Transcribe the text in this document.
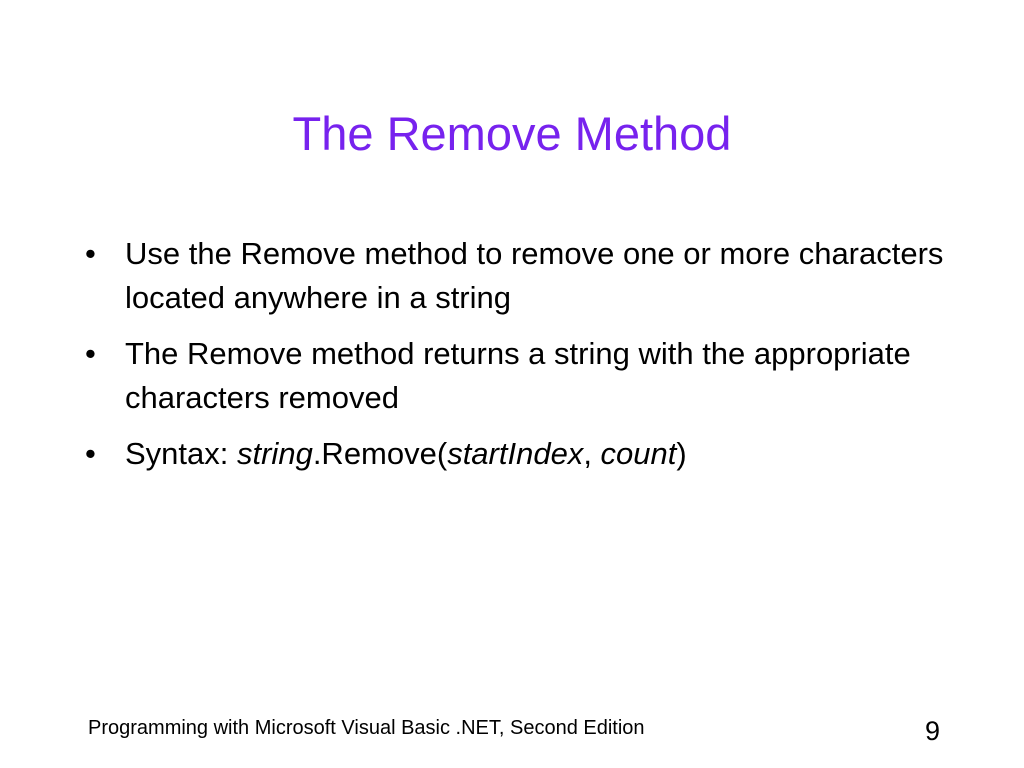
The Remove Method
• Use the Remove method to remove one or more characters located anywhere in a string
• The Remove method returns a string with the appropriate characters removed
• Syntax: string.Remove(startIndex, count)
Programming with Microsoft Visual Basic .NET, Second Edition	9
